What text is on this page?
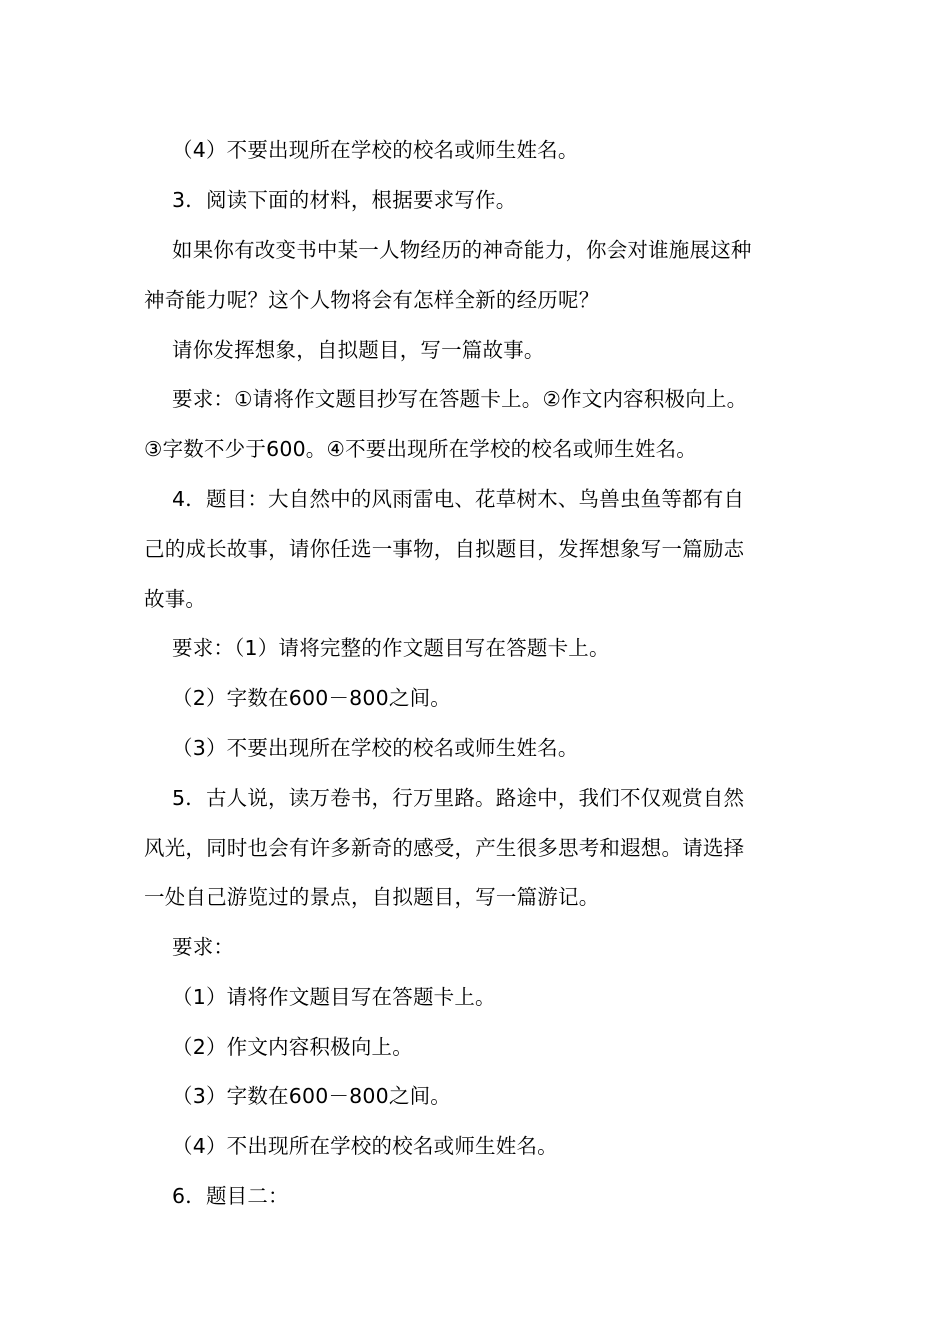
（4）不要出现所在学校的校名或师生姓名。
3．阅读下面的材料，根据要求写作。
如果你有改变书中某一人物经历的神奇能力，你会对谁施展这种
神奇能力呢？这个人物将会有怎样全新的经历呢？
请你发挥想象，自拟题目，写一篇故事。
要求：①请将作文题目抄写在答题卡上。②作文内容积极向上。
③字数不少于600。④不要出现所在学校的校名或师生姓名。
4．题目：大自然中的风雨雷电、花草树木、鸟兽虫鱼等都有自
己的成长故事，请你任选一事物，自拟题目，发挥想象写一篇励志
故事。
要求：（1）请将完整的作文题目写在答题卡上。
（2）字数在600－800之间。
（3）不要出现所在学校的校名或师生姓名。
5．古人说，读万卷书，行万里路。路途中，我们不仅观赏自然
风光，同时也会有许多新奇的感受，产生很多思考和遐想。请选择
一处自己游览过的景点，自拟题目，写一篇游记。
要求：
（1）请将作文题目写在答题卡上。
（2）作文内容积极向上。
（3）字数在600－800之间。
（4）不出现所在学校的校名或师生姓名。
6．题目二：
